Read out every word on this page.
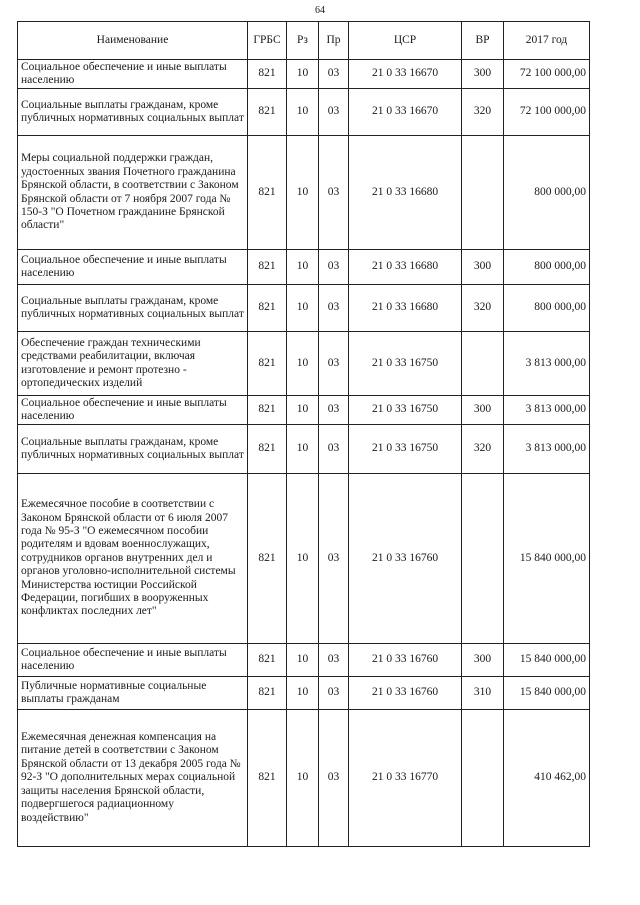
64
Наименование	ГРБС	Рз	Пр	ЦСР	ВР	2017 год
Социальное обеспечение и иные выплаты населению	821	10	03	21 0 33 16670	300	72 100 000,00
Социальные выплаты гражданам, кроме публичных нормативных социальных выплат	821	10	03	21 0 33 16670	320	72 100 000,00
Меры социальной поддержки граждан, удостоенных звания Почетного гражданина Брянской области, в соответствии с Законом Брянской области от 7 ноября 2007 года № 150-З "О Почетном гражданине Брянской области"	821	10	03	21 0 33 16680		800 000,00
Социальное обеспечение и иные выплаты населению	821	10	03	21 0 33 16680	300	800 000,00
Социальные выплаты гражданам, кроме публичных нормативных социальных выплат	821	10	03	21 0 33 16680	320	800 000,00
Обеспечение граждан техническими средствами реабилитации, включая изготовление и ремонт протезно - ортопедических изделий	821	10	03	21 0 33 16750		3 813 000,00
Социальное обеспечение и иные выплаты населению	821	10	03	21 0 33 16750	300	3 813 000,00
Социальные выплаты гражданам, кроме публичных нормативных социальных выплат	821	10	03	21 0 33 16750	320	3 813 000,00
Ежемесячное пособие в соответствии с Законом Брянской области от 6 июля 2007 года № 95-З "О ежемесячном пособии родителям и вдовам военнослужащих, сотрудников органов внутренних дел и органов уголовно-исполнительной системы Министерства юстиции Российской Федерации, погибших в вооруженных конфликтах последних лет"	821	10	03	21 0 33 16760		15 840 000,00
Социальное обеспечение и иные выплаты населению	821	10	03	21 0 33 16760	300	15 840 000,00
Публичные нормативные социальные выплаты гражданам	821	10	03	21 0 33 16760	310	15 840 000,00
Ежемесячная денежная компенсация на питание детей в соответствии с Законом Брянской области от 13 декабря 2005 года № 92-З "О дополнительных мерах социальной защиты населения Брянской области, подвергшегося радиационному воздействию"	821	10	03	21 0 33 16770		410 462,00
